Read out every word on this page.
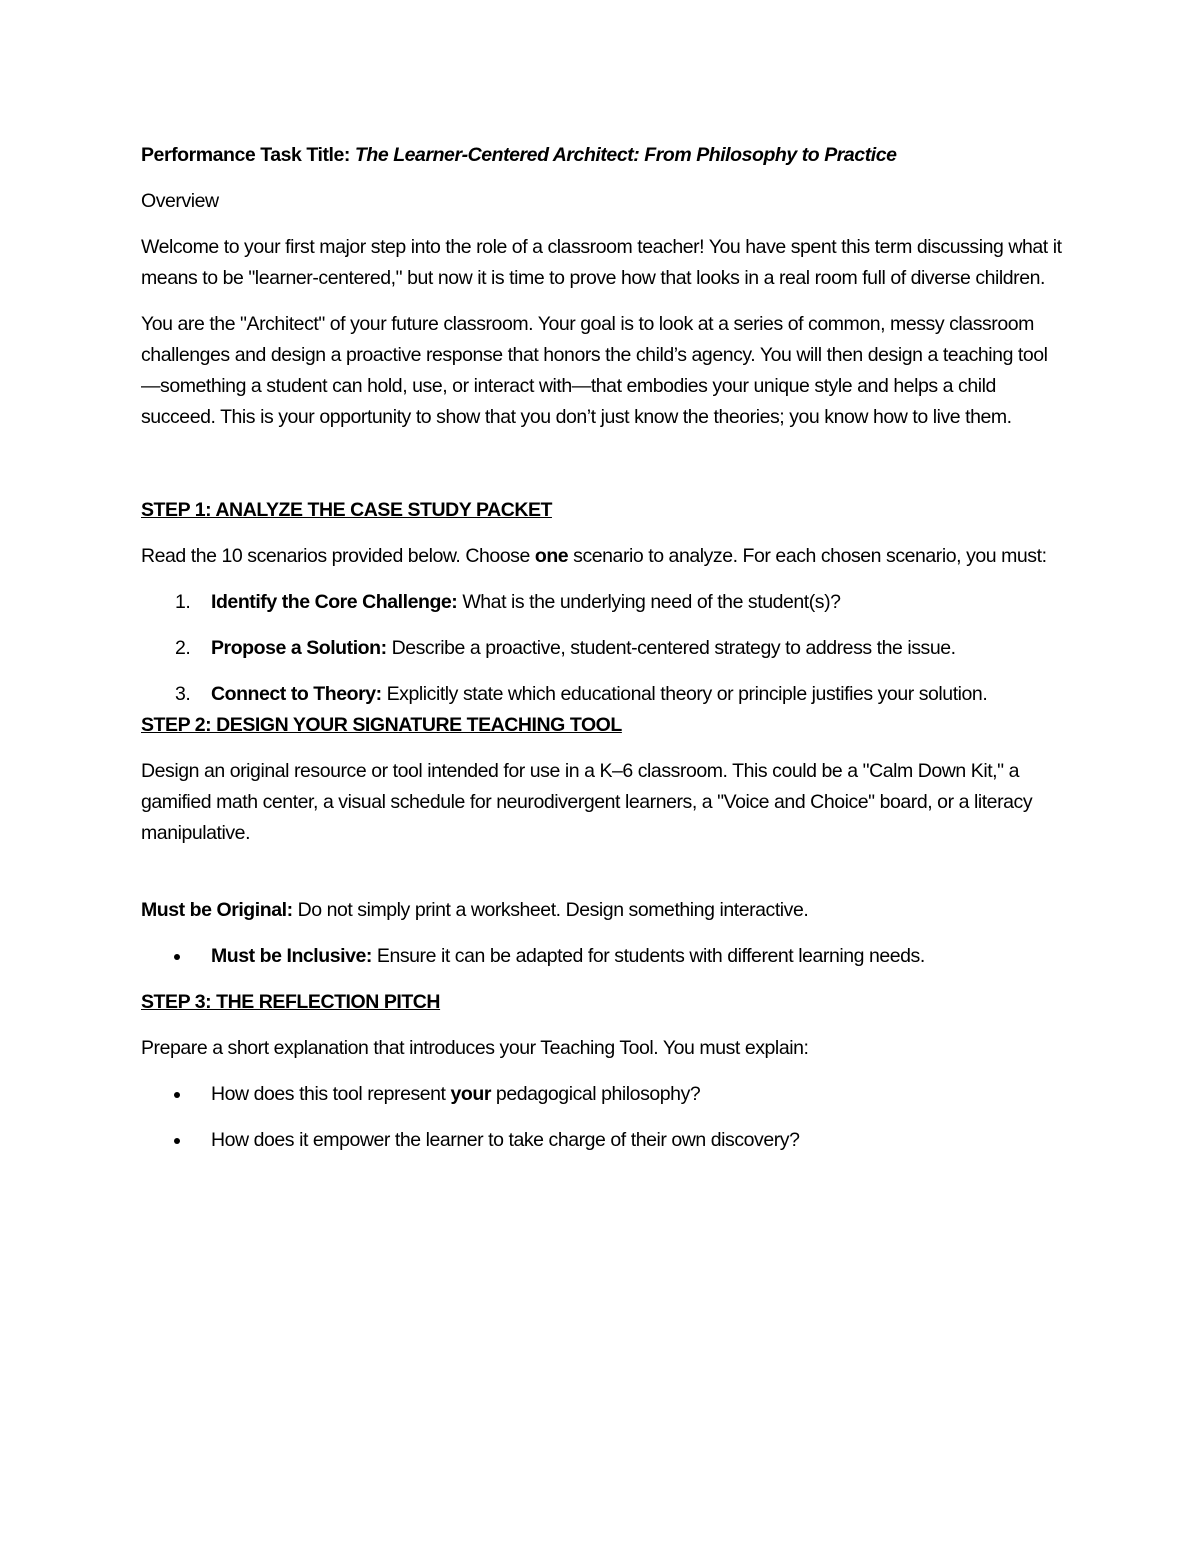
Performance Task Title: The Learner-Centered Architect: From Philosophy to Practice

Overview

Welcome to your first major step into the role of a classroom teacher! You have spent this term discussing what it means to be "learner-centered," but now it is time to prove how that looks in a real room full of diverse children.

You are the "Architect" of your future classroom. Your goal is to look at a series of common, messy classroom challenges and design a proactive response that honors the child’s agency. You will then design a teaching tool—something a student can hold, use, or interact with—that embodies your unique style and helps a child succeed. This is your opportunity to show that you don’t just know the theories; you know how to live them.

STEP 1: ANALYZE THE CASE STUDY PACKET

Read the 10 scenarios provided below. Choose one scenario to analyze. For each chosen scenario, you must:

1. Identify the Core Challenge: What is the underlying need of the student(s)?
2. Propose a Solution: Describe a proactive, student-centered strategy to address the issue.
3. Connect to Theory: Explicitly state which educational theory or principle justifies your solution.

STEP 2: DESIGN YOUR SIGNATURE TEACHING TOOL

Design an original resource or tool intended for use in a K–6 classroom. This could be a "Calm Down Kit," a gamified math center, a visual schedule for neurodivergent learners, a "Voice and Choice" board, or a literacy manipulative.

Must be Original: Do not simply print a worksheet. Design something interactive.

Must be Inclusive: Ensure it can be adapted for students with different learning needs.

STEP 3: THE REFLECTION PITCH

Prepare a short explanation that introduces your Teaching Tool. You must explain:

How does this tool represent your pedagogical philosophy?
How does it empower the learner to take charge of their own discovery?
